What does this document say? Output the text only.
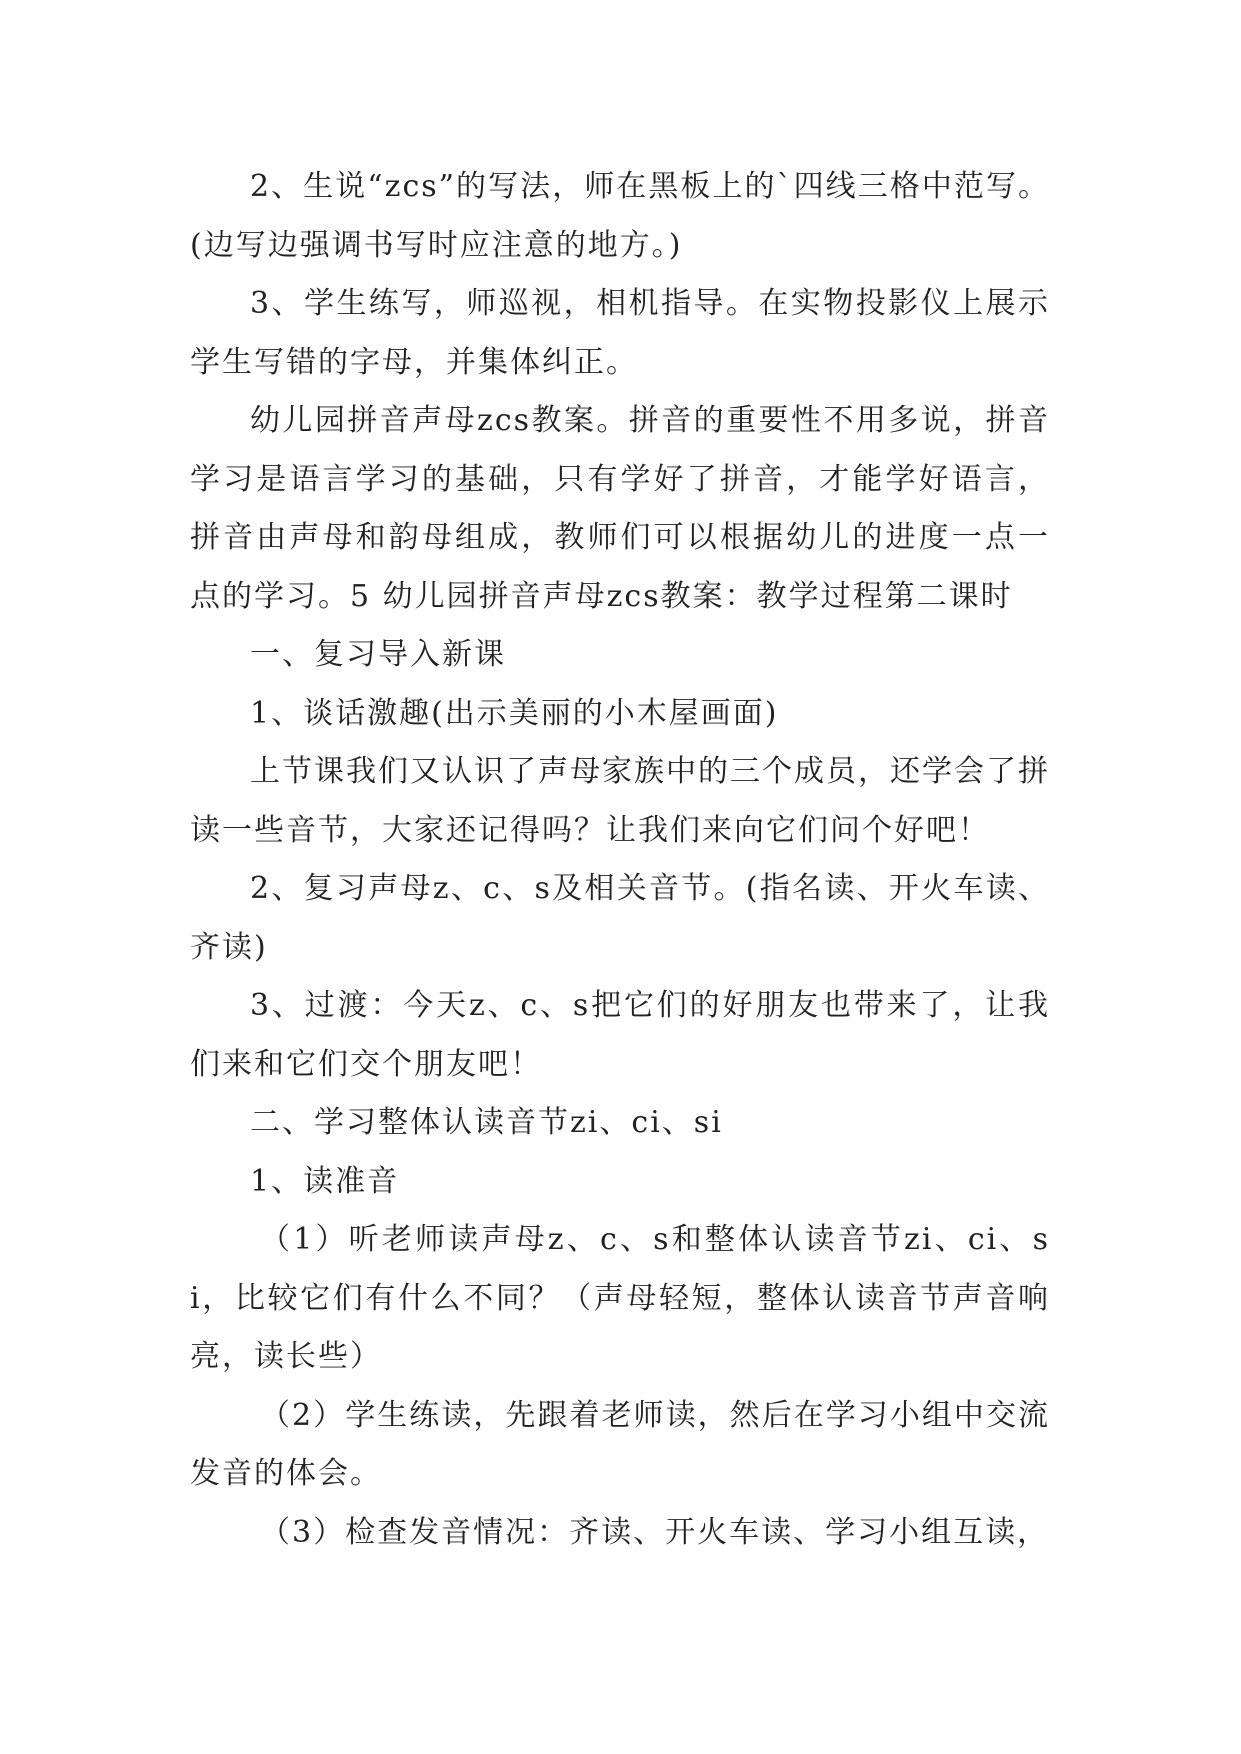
2、生说“zcs”的写法，师在黑板上的`四线三格中范写。(边写边强调书写时应注意的地方。)

3、学生练写，师巡视，相机指导。在实物投影仪上展示学生写错的字母，并集体纠正。

幼儿园拼音声母zcs教案。拼音的重要性不用多说，拼音学习是语言学习的基础，只有学好了拼音，才能学好语言，拼音由声母和韵母组成，教师们可以根据幼儿的进度一点一点的学习。5 幼儿园拼音声母zcs教案：教学过程第二课时

一、复习导入新课

1、谈话激趣(出示美丽的小木屋画面)

上节课我们又认识了声母家族中的三个成员，还学会了拼读一些音节，大家还记得吗？让我们来向它们问个好吧！

2、复习声母z、c、s及相关音节。(指名读、开火车读、齐读)

3、过渡：今天z、c、s把它们的好朋友也带来了，让我们来和它们交个朋友吧！

二、学习整体认读音节zi、ci、si

1、读准音

（1）听老师读声母z、c、s和整体认读音节zi、ci、si，比较它们有什么不同？（声母轻短，整体认读音节声音响亮，读长些）

（2）学生练读，先跟着老师读，然后在学习小组中交流发音的体会。

（3）检查发音情况：齐读、开火车读、学习小组互读，
